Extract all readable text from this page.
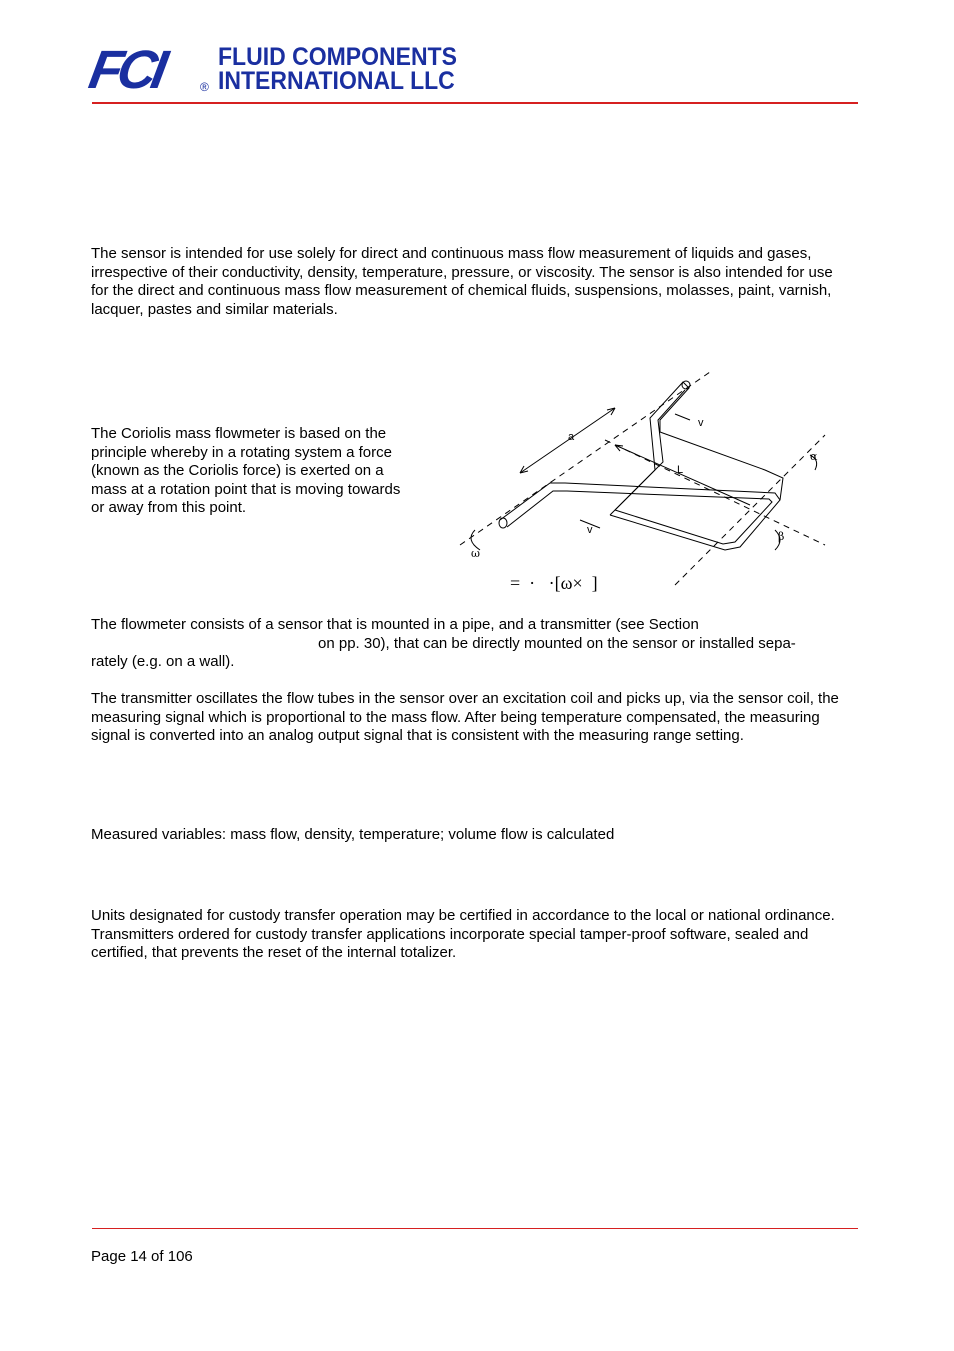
FCI	®
FLUID COMPONENTS
INTERNATIONAL LLC

The sensor is intended for use solely for direct and continuous mass flow measurement of liquids and gases, irrespective of their conductivity, density, temperature, pressure, or viscosity. The sensor is also intended for use for the direct and continuous mass flow measurement of chemical fluids, suspensions, molasses, paint, varnish, lacquer, pastes and similar materials.

The Coriolis mass flowmeter is based on the

principle whereby in a rotating system a force

(known as the Coriolis force) is exerted on a

mass at a rotation point that is moving towards

or away from this point.

a
L
v
v
α
β
ω
=  ·   ·[ω×  ]

The flowmeter consists of a sensor that is mounted in a pipe, and a transmitter (see Section

on pp. 30), that can be directly mounted on the sensor or installed sepa-

rately (e.g. on a wall).

The transmitter oscillates the flow tubes in the sensor over an excitation coil and picks up, via the sensor coil, the measuring signal which is proportional to the mass flow. After being temperature compensated, the measuring signal is converted into an analog output signal that is consistent with the measuring range setting.

Measured variables: mass flow, density, temperature; volume flow is calculated

Units designated for custody transfer operation may be certified in accordance to the local or national ordinance. Transmitters ordered for custody transfer applications incorporate special tamper-proof software, sealed and certified, that prevents the reset of the internal totalizer.

Page 14 of 106
